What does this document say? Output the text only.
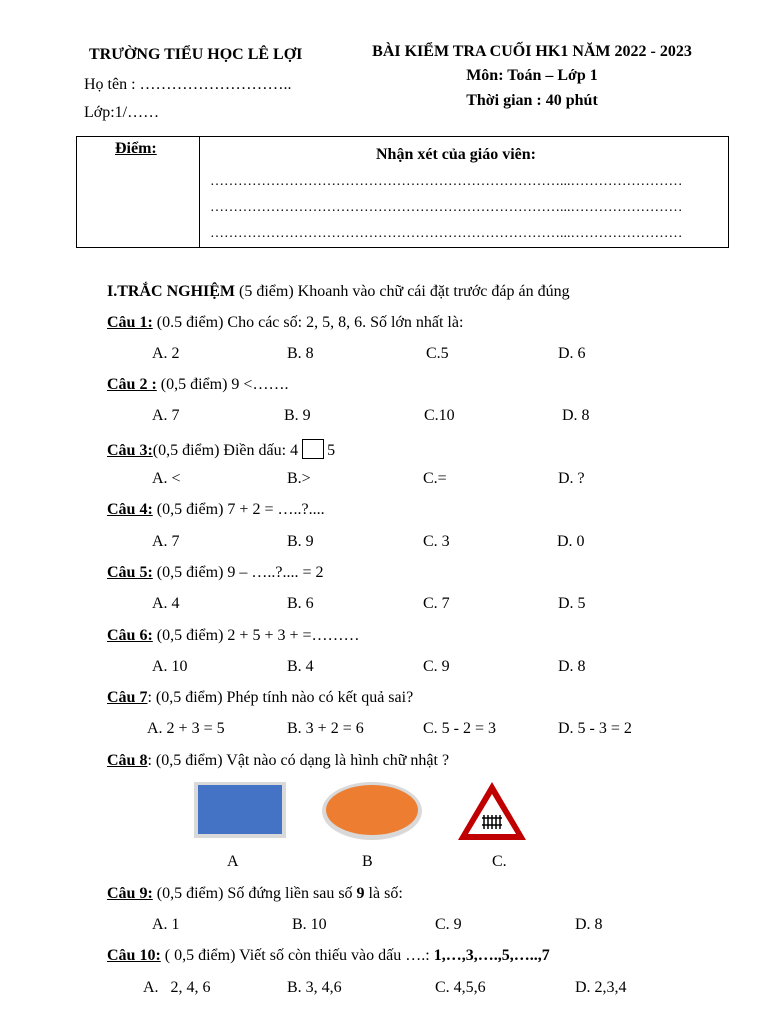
TRƯỜNG TIỂU HỌC LÊ LỢI
Họ tên : ………………………..
Lớp:1/……
BÀI KIỂM TRA CUỐI HK1 NĂM 2022 - 2023
Môn: Toán – Lớp 1
Thời gian : 40 phút
Điểm:	Nhận xét của giáo viên:
…………………………………………………………………...……………………
…………………………………………………………………...……………………
…………………………………………………………………...……………………
I.TRẮC NGHIỆM (5 điểm) Khoanh vào chữ cái đặt trước đáp án đúng
Câu 1: (0.5 điểm) Cho các số: 2, 5, 8, 6. Số lớn nhất là:
A. 2	B. 8	C.5	D. 6
Câu 2 : (0,5 điểm) 9 <…….
A. 7	B. 9	C.10	D. 8
Câu 3:(0,5 điểm) Điền dấu: 4 5
A. <	B.>	C.=	D. ?
Câu 4: (0,5 điểm) 7 + 2 = …..?....
A. 7	B. 9	C. 3	D. 0
Câu 5: (0,5 điểm) 9 – …..?.... = 2
A. 4	B. 6	C. 7	D. 5
Câu 6: (0,5 điểm) 2 + 5 + 3 + =………
A. 10	B. 4	C. 9	D. 8
Câu 7: (0,5 điểm) Phép tính nào có kết quả sai?
A. 2 + 3 = 5	B. 3 + 2 = 6	C. 5 - 2 = 3	D. 5 - 3 = 2
Câu 8: (0,5 điểm) Vật nào có dạng là hình chữ nhật ?
A	B	C.
Câu 9: (0,5 điểm) Số đứng liền sau số 9 là số:
A. 1	B. 10	C. 9	D. 8
Câu 10: ( 0,5 điểm) Viết số còn thiếu vào dấu ….: 1,…,3,….,5,…..,7
A.   2, 4, 6	B. 3, 4,6	C. 4,5,6	D. 2,3,4
